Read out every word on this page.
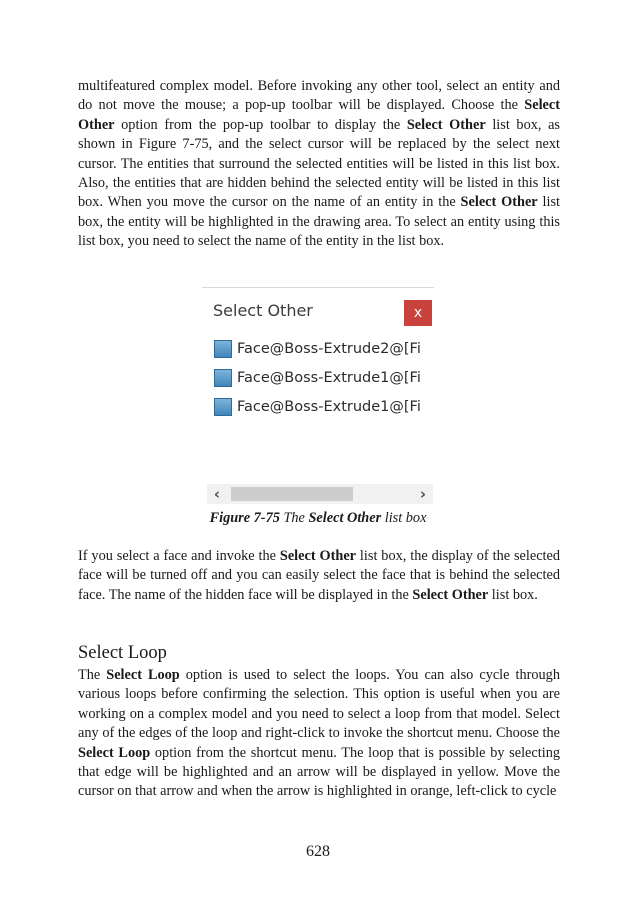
multifeatured complex model. Before invoking any other tool, select an entity and do not move the mouse; a pop-up toolbar will be displayed. Choose the Select Other option from the pop-up toolbar to display the Select Other list box, as shown in Figure 7-75, and the select cursor will be replaced by the select next cursor. The entities that surround the selected entities will be listed in this list box. Also, the entities that are hidden behind the selected entity will be listed in this list box. When you move the cursor on the name of an entity in the Select Other list box, the entity will be highlighted in the drawing area. To select an entity using this list box, you need to select the name of the entity in the list box.

Select Other	x
Face@Boss-Extrude2@[Fi
Face@Boss-Extrude1@[Fi
Face@Boss-Extrude1@[Fi
‹	›
Figure 7-75 The Select Other list box

If you select a face and invoke the Select Other list box, the display of the selected face will be turned off and you can easily select the face that is behind the selected face. The name of the hidden face will be displayed in the Select Other list box.

Select Loop

The Select Loop option is used to select the loops. You can also cycle through various loops before confirming the selection. This option is useful when you are working on a complex model and you need to select a loop from that model. Select any of the edges of the loop and right-click to invoke the shortcut menu. Choose the Select Loop option from the shortcut menu. The loop that is possible by selecting that edge will be highlighted and an arrow will be displayed in yellow. Move the cursor on that arrow and when the arrow is highlighted in orange, left-click to cycle

628
